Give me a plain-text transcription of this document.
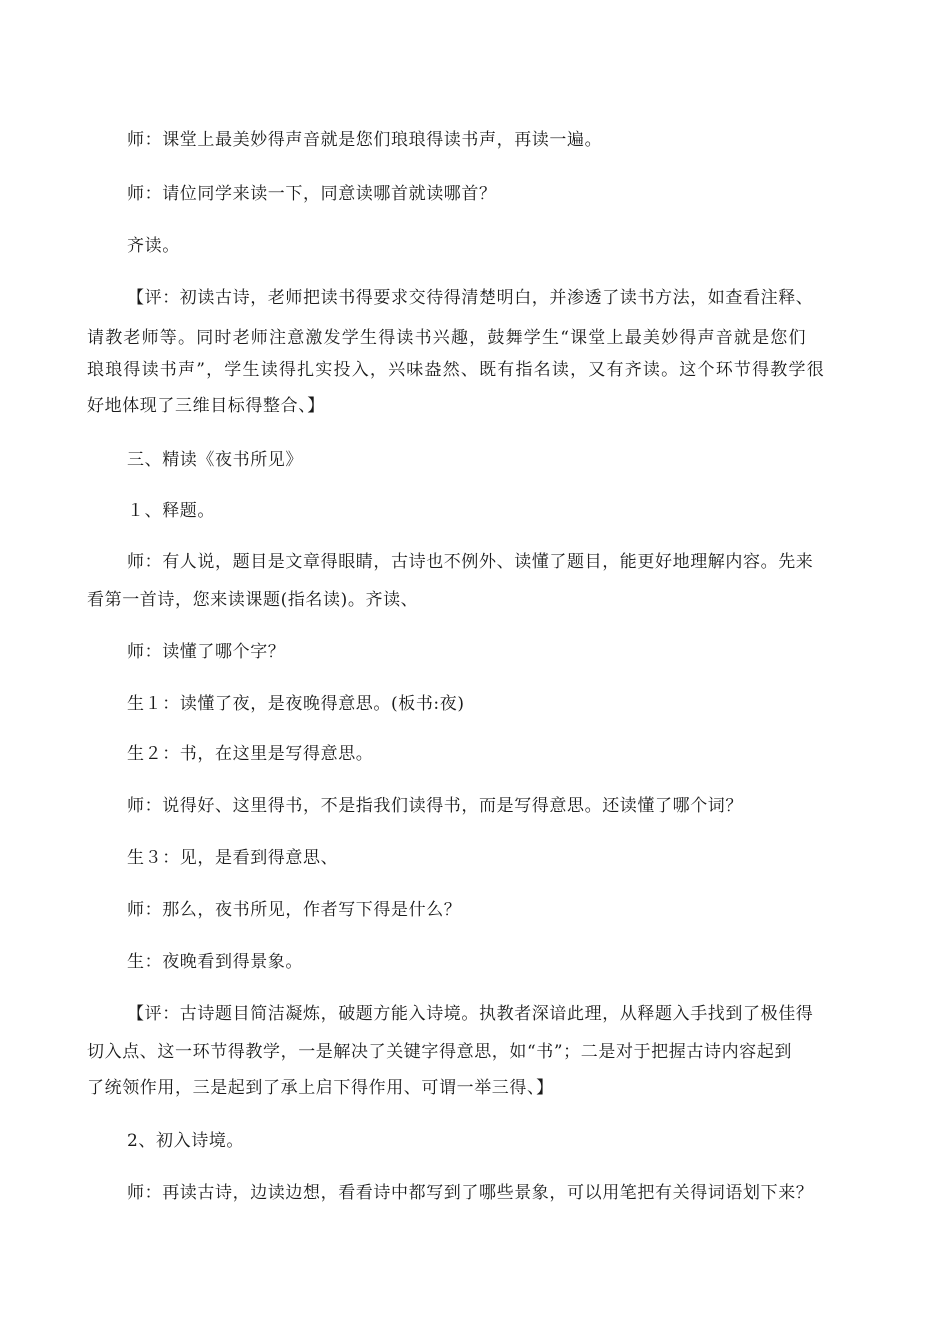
师：课堂上最美妙得声音就是您们琅琅得读书声，再读一遍。
师：请位同学来读一下，同意读哪首就读哪首？
齐读。
【评：初读古诗，老师把读书得要求交待得清楚明白，并渗透了读书方法，如查看注释、
请教老师等。同时老师注意激发学生得读书兴趣，鼓舞学生“课堂上最美妙得声音就是您们
琅琅得读书声”，学生读得扎实投入，兴味盎然、既有指名读，又有齐读。这个环节得教学很
好地体现了三维目标得整合、】
三、精读《夜书所见》
１、释题。
师：有人说，题目是文章得眼睛，古诗也不例外、读懂了题目，能更好地理解内容。先来
看第一首诗，您来读课题(指名读)。齐读、
师：读懂了哪个字？
生１：读懂了夜，是夜晚得意思。(板书:夜)
生２：书，在这里是写得意思。
师：说得好、这里得书，不是指我们读得书，而是写得意思。还读懂了哪个词？
生３：见，是看到得意思、
师：那么，夜书所见，作者写下得是什么？
生：夜晚看到得景象。
【评：古诗题目简洁凝炼，破题方能入诗境。执教者深谙此理，从释题入手找到了极佳得
切入点、这一环节得教学，一是解决了关键字得意思，如“书”；二是对于把握古诗内容起到
了统领作用，三是起到了承上启下得作用、可谓一举三得、】
2、初入诗境。
师：再读古诗，边读边想，看看诗中都写到了哪些景象，可以用笔把有关得词语划下来？
